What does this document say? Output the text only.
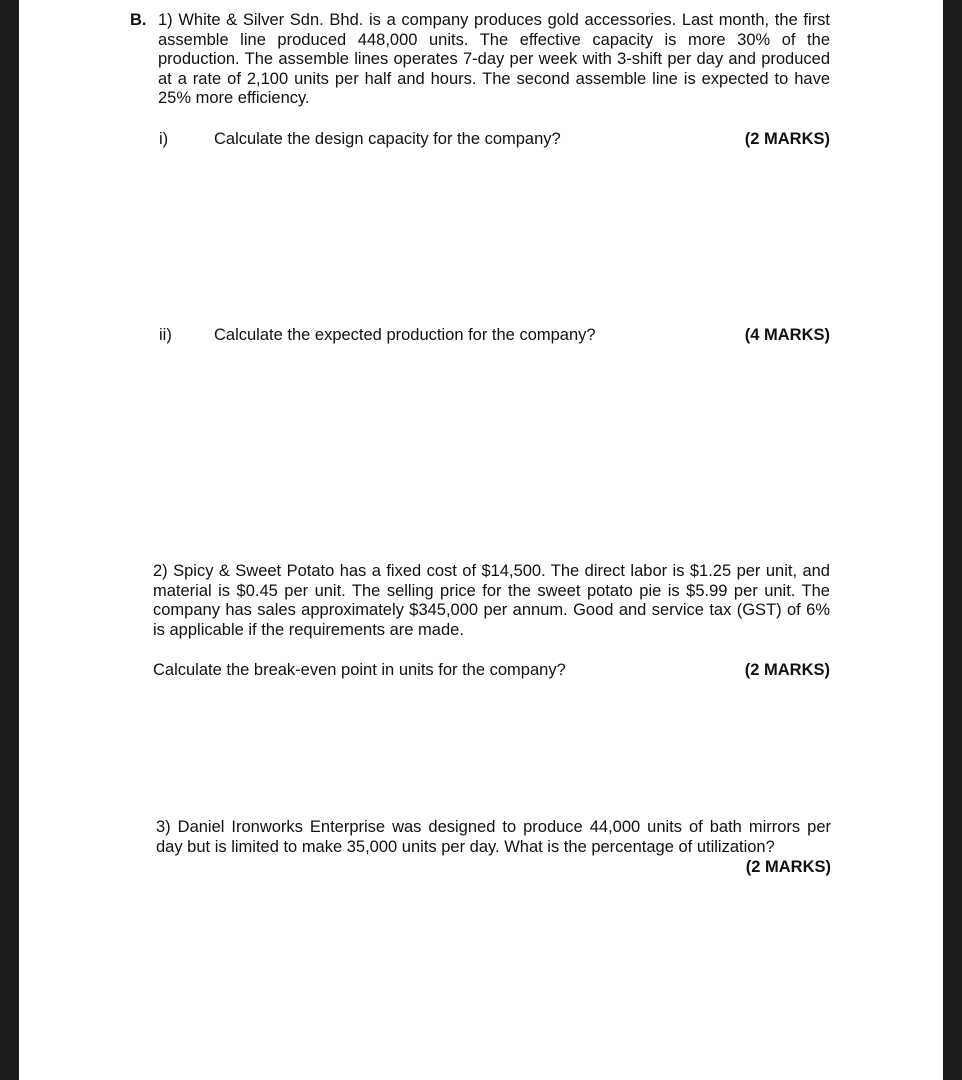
B. 1) White & Silver Sdn. Bhd. is a company produces gold accessories. Last month, the first assemble line produced 448,000 units. The effective capacity is more 30% of the production. The assemble lines operates 7-day per week with 3-shift per day and produced at a rate of 2,100 units per half and hours. The second assemble line is expected to have 25% more efficiency.

i)	Calculate the design capacity for the company?	(2 MARKS)
ii)	Calculate the expected production for the company?	(4 MARKS)

2) Spicy & Sweet Potato has a fixed cost of $14,500. The direct labor is $1.25 per unit, and material is $0.45 per unit. The selling price for the sweet potato pie is $5.99 per unit. The company has sales approximately $345,000 per annum. Good and service tax (GST) of 6% is applicable if the requirements are made.

Calculate the break-even point in units for the company?	(2 MARKS)

3) Daniel Ironworks Enterprise was designed to produce 44,000 units of bath mirrors per day but is limited to make 35,000 units per day. What is the percentage of utilization?

(2 MARKS)
